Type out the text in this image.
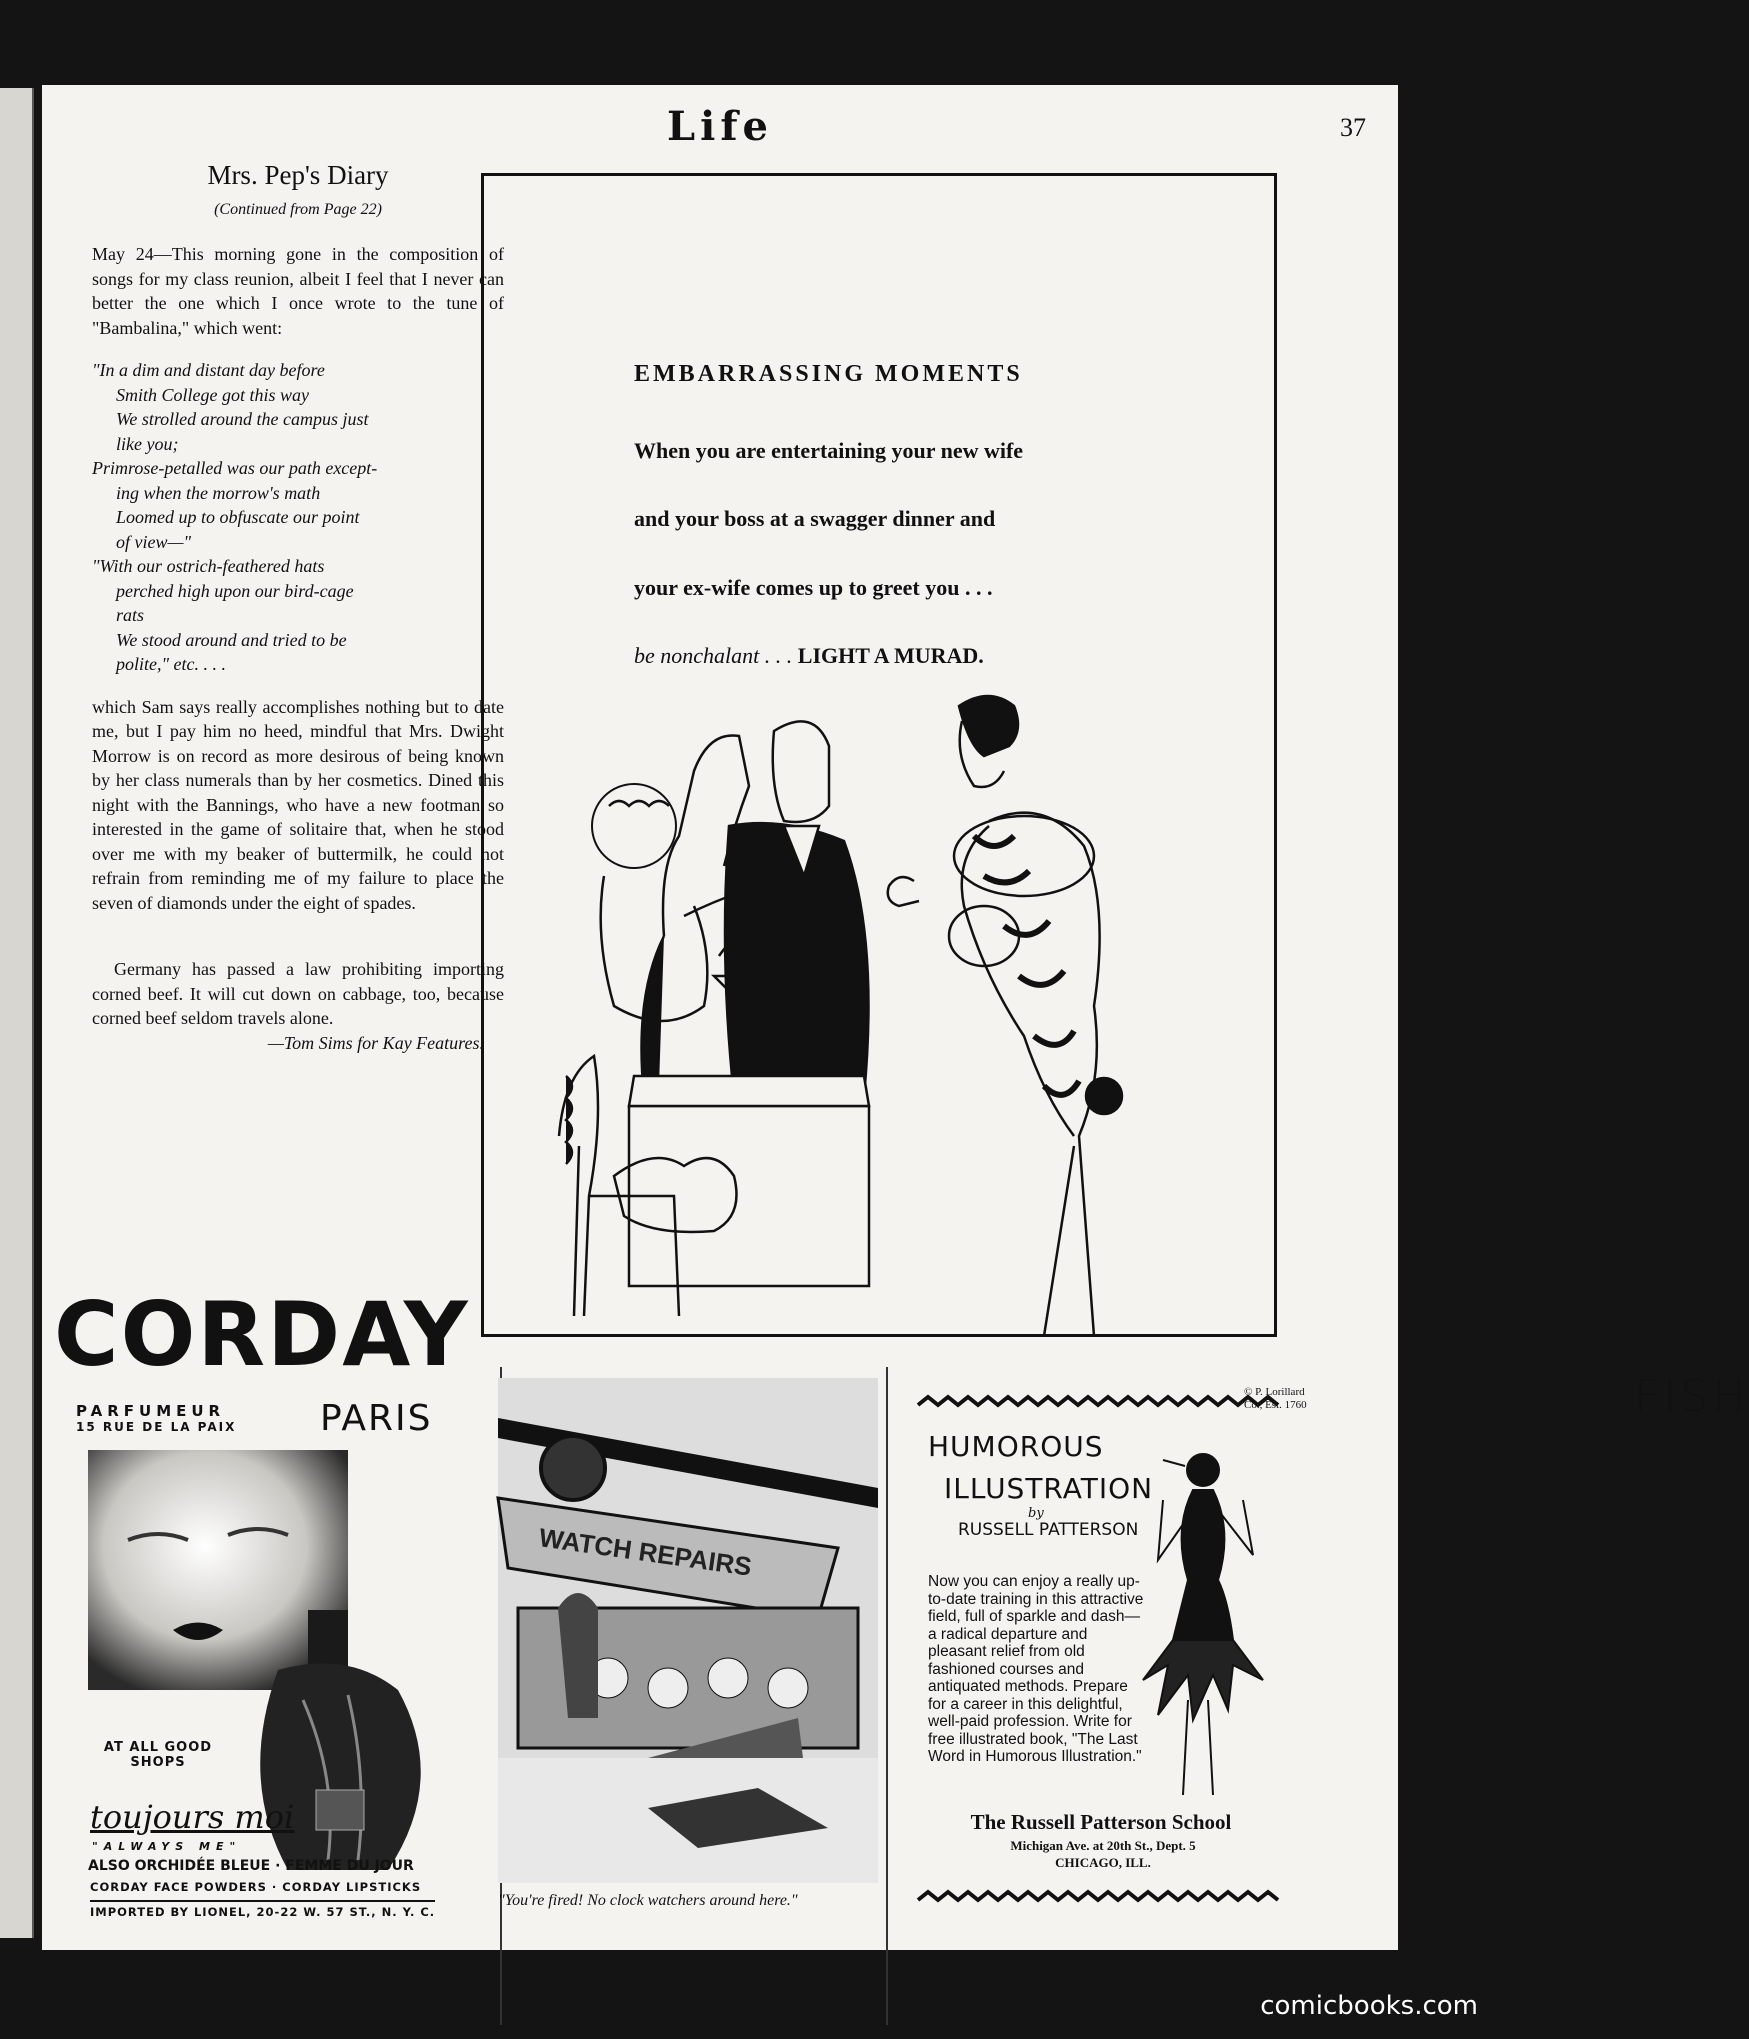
Life	37
Mrs. Pep's Diary
(Continued from Page 22)

May 24—This morning gone in the composition of songs for my class reunion, albeit I feel that I never can better the one which I once wrote to the tune of "Bambalina," which went:

"In a dim and distant day before
Smith College got this way
We strolled around the campus just
like you;
Primrose-petalled was our path except-
ing when the morrow's math
Loomed up to obfuscate our point
of view—"
"With our ostrich-feathered hats
perched high upon our bird-cage
rats
We stood around and tried to be
polite," etc. . . .

which Sam says really accomplishes nothing but to date me, but I pay him no heed, mindful that Mrs. Dwight Morrow is on record as more desirous of being known by her class numerals than by her cosmetics. Dined this night with the Bannings, who have a new footman so interested in the game of solitaire that, when he stood over me with my beaker of buttermilk, he could not refrain from reminding me of my failure to place the seven of diamonds under the eight of spades.

Germany has passed a law prohibiting importing corned beef. It will cut down on cabbage, too, because corned beef seldom travels alone.

—Tom Sims for Kay Features.
EMBARRASSING MOMENTS
When you are entertaining your new wife
and your boss at a swagger dinner and
your ex-wife comes up to greet you . . .
be nonchalant . . . LIGHT A MURAD.
© P. Lorillard Co., Est. 1760	FISH
CORDAY
PARFUMEUR
15 RUE DE LA PAIX PARIS
AT ALL GOOD SHOPS
toujours moi
"ALWAYS ME"
ALSO ORCHIDÉE BLEUE · FEMME DU JOUR
CORDAY FACE POWDERS · CORDAY LIPSTICKS
IMPORTED BY LIONEL, 20-22 W. 57 ST., N. Y. C.
WATCH REPAIRS
"You're fired! No clock watchers around here."
HUMOROUS
ILLUSTRATION
by
RUSSELL PATTERSON
Now you can enjoy a really up-to-date training in this attractive field, full of sparkle and dash—a radical departure and pleasant relief from old fashioned courses and antiquated methods. Prepare for a career in this delightful, well-paid profession. Write for free illustrated book, "The Last Word in Humorous Illustration."
The Russell Patterson School
Michigan Ave. at 20th St., Dept. 5
CHICAGO, ILL.
comicbooks.com
